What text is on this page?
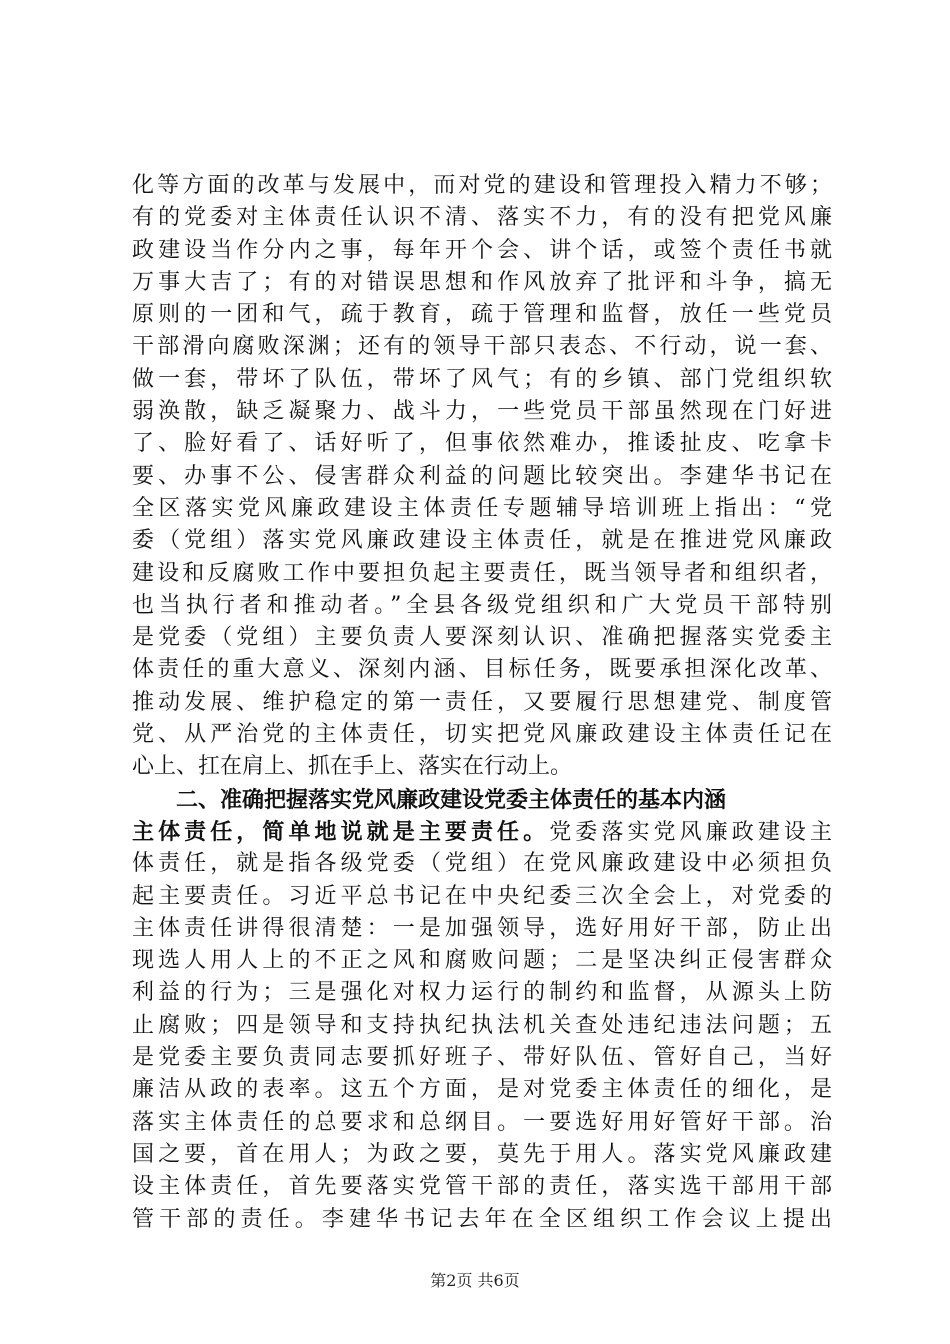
化等方面的改革与发展中，而对党的建设和管理投入精力不够；
有的党委对主体责任认识不清、落实不力，有的没有把党风廉
政建设当作分内之事，每年开个会、讲个话，或签个责任书就
万事大吉了；有的对错误思想和作风放弃了批评和斗争，搞无
原则的一团和气，疏于教育，疏于管理和监督，放任一些党员
干部滑向腐败深渊；还有的领导干部只表态、不行动，说一套、
做一套，带坏了队伍，带坏了风气；有的乡镇、部门党组织软
弱涣散，缺乏凝聚力、战斗力，一些党员干部虽然现在门好进
了、脸好看了、话好听了，但事依然难办，推诿扯皮、吃拿卡
要、办事不公、侵害群众利益的问题比较突出。李建华书记在
全区落实党风廉政建设主体责任专题辅导培训班上指出：“党
委（党组）落实党风廉政建设主体责任，就是在推进党风廉政
建设和反腐败工作中要担负起主要责任，既当领导者和组织者，
也当执行者和推动者。”全县各级党组织和广大党员干部特别
是党委（党组）主要负责人要深刻认识、准确把握落实党委主
体责任的重大意义、深刻内涵、目标任务，既要承担深化改革、
推动发展、维护稳定的第一责任，又要履行思想建党、制度管
党、从严治党的主体责任，切实把党风廉政建设主体责任记在
心上、扛在肩上、抓在手上、落实在行动上。
二、准确把握落实党风廉政建设党委主体责任的基本内涵
主体责任，简单地说就是主要责任。党委落实党风廉政建设主
体责任，就是指各级党委（党组）在党风廉政建设中必须担负
起主要责任。习近平总书记在中央纪委三次全会上，对党委的
主体责任讲得很清楚：一是加强领导，选好用好干部，防止出
现选人用人上的不正之风和腐败问题；二是坚决纠正侵害群众
利益的行为；三是强化对权力运行的制约和监督，从源头上防
止腐败；四是领导和支持执纪执法机关查处违纪违法问题；五
是党委主要负责同志要抓好班子、带好队伍、管好自己，当好
廉洁从政的表率。这五个方面，是对党委主体责任的细化，是
落实主体责任的总要求和总纲目。一要选好用好管好干部。治
国之要，首在用人；为政之要，莫先于用人。落实党风廉政建
设主体责任，首先要落实党管干部的责任，落实选干部用干部
管干部的责任。李建华书记去年在全区组织工作会议上提出
第2页 共6页
